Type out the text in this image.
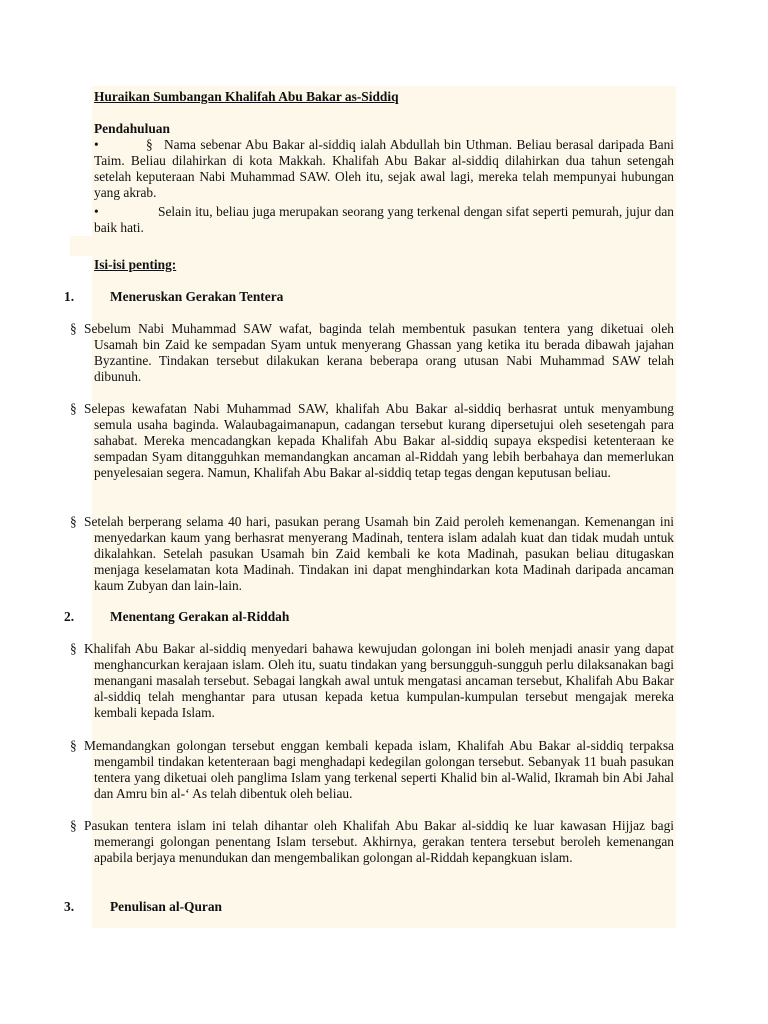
Huraikan Sumbangan Khalifah Abu Bakar as-Siddiq
Pendahuluan
•	§ Nama sebenar Abu Bakar al-siddiq ialah Abdullah bin Uthman. Beliau berasal daripada Bani Taim. Beliau dilahirkan di kota Makkah. Khalifah Abu Bakar al-siddiq dilahirkan dua tahun setengah setelah keputeraan Nabi Muhammad SAW. Oleh itu, sejak awal lagi, mereka telah mempunyai hubungan yang akrab.
•	Selain itu, beliau juga merupakan seorang yang terkenal dengan sifat seperti pemurah, jujur dan baik hati.
Isi-isi penting:
1.	Meneruskan Gerakan Tentera
§ Sebelum Nabi Muhammad SAW wafat, baginda telah membentuk pasukan tentera yang diketuai oleh Usamah bin Zaid ke sempadan Syam untuk menyerang Ghassan yang ketika itu berada dibawah jajahan Byzantine. Tindakan tersebut dilakukan kerana beberapa orang utusan Nabi Muhammad SAW telah dibunuh.
§ Selepas kewafatan Nabi Muhammad SAW, khalifah Abu Bakar al-siddiq berhasrat untuk menyambung semula usaha baginda. Walaubagaimanapun, cadangan tersebut kurang dipersetujui oleh sesetengah para sahabat. Mereka mencadangkan kepada Khalifah Abu Bakar al-siddiq supaya ekspedisi ketenteraan ke sempadan Syam ditangguhkan memandangkan ancaman al-Riddah yang lebih berbahaya dan memerlukan penyelesaian segera. Namun, Khalifah Abu Bakar al-siddiq tetap tegas dengan keputusan beliau.
§ Setelah berperang selama 40 hari, pasukan perang Usamah bin Zaid peroleh kemenangan. Kemenangan ini menyedarkan kaum yang berhasrat menyerang Madinah, tentera islam adalah kuat dan tidak mudah untuk dikalahkan. Setelah pasukan Usamah bin Zaid kembali ke kota Madinah, pasukan beliau ditugaskan menjaga keselamatan kota Madinah. Tindakan ini dapat menghindarkan kota Madinah daripada ancaman kaum Zubyan dan lain-lain.
2.	Menentang Gerakan al-Riddah
§ Khalifah Abu Bakar al-siddiq menyedari bahawa kewujudan golongan ini boleh menjadi anasir yang dapat menghancurkan kerajaan islam. Oleh itu, suatu tindakan yang bersungguh-sungguh perlu dilaksanakan bagi menangani masalah tersebut. Sebagai langkah awal untuk mengatasi ancaman tersebut, Khalifah Abu Bakar al-siddiq telah menghantar para utusan kepada ketua kumpulan-kumpulan tersebut mengajak mereka kembali kepada Islam.
§ Memandangkan golongan tersebut enggan kembali kepada islam, Khalifah Abu Bakar al-siddiq terpaksa mengambil tindakan ketenteraan bagi menghadapi kedegilan golongan tersebut. Sebanyak 11 buah pasukan tentera yang diketuai oleh panglima Islam yang terkenal seperti Khalid bin al-Walid, Ikramah bin Abi Jahal dan Amru bin al-‘ As telah dibentuk oleh beliau.
§ Pasukan tentera islam ini telah dihantar oleh Khalifah Abu Bakar al-siddiq ke luar kawasan Hijjaz bagi memerangi golongan penentang Islam tersebut. Akhirnya, gerakan tentera tersebut beroleh kemenangan apabila berjaya menundukan dan mengembalikan golongan al-Riddah kepangkuan islam.
3.	Penulisan al-Quran
